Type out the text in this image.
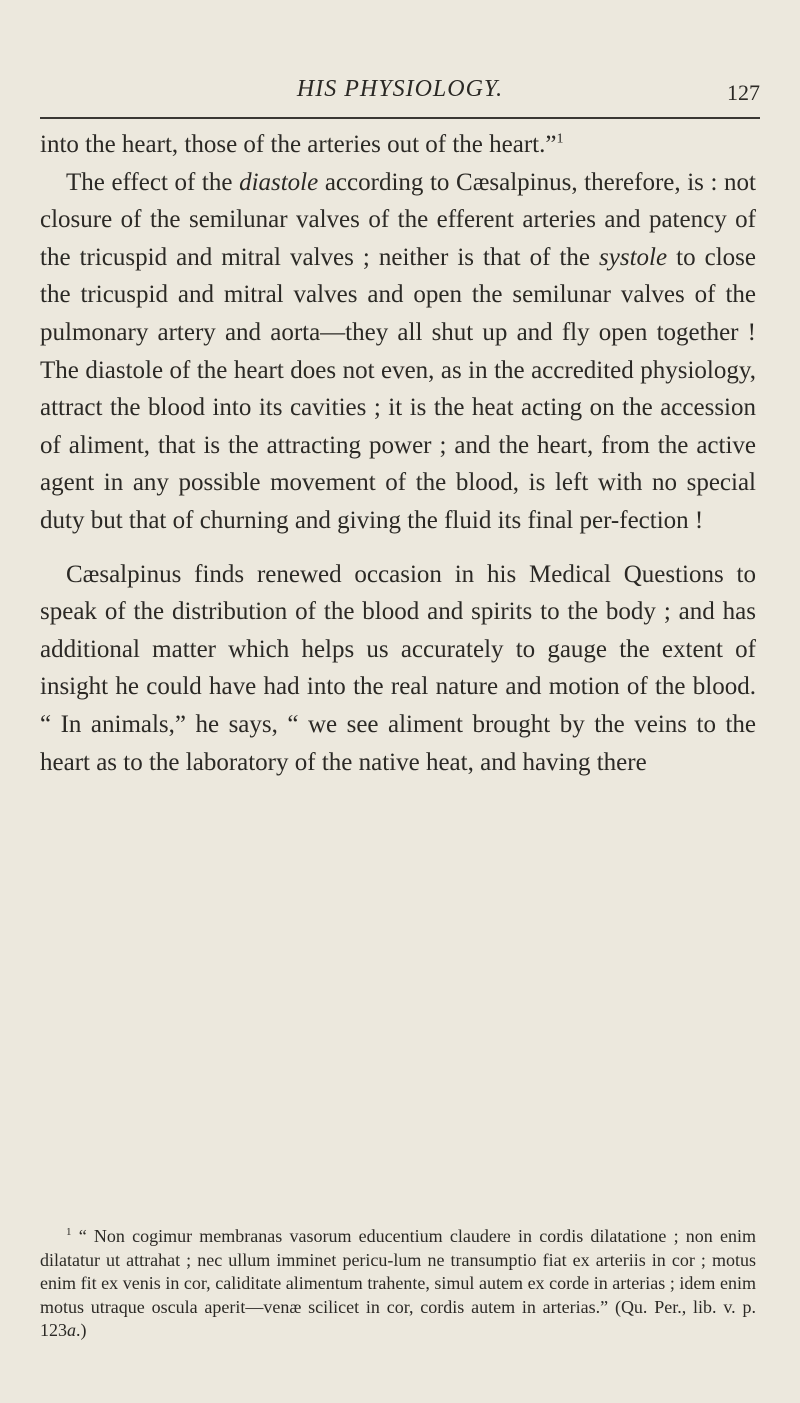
HIS PHYSIOLOGY.	127

into the heart, those of the arteries out of the heart.”$^1$

The effect of the diastole according to Cæsalpinus, therefore, is : not closure of the semilunar valves of the efferent arteries and patency of the tricuspid and mitral valves ; neither is that of the systole to close the tricuspid and mitral valves and open the semilunar valves of the pulmonary artery and aorta—they all shut up and fly open together ! The diastole of the heart does not even, as in the accredited physiology, attract the blood into its cavities ; it is the heat acting on the accession of aliment, that is the attracting power ; and the heart, from the active agent in any possible movement of the blood, is left with no special duty but that of churning and giving the fluid its final per-fection !

Cæsalpinus finds renewed occasion in his Medical Questions to speak of the distribution of the blood and spirits to the body ; and has additional matter which helps us accurately to gauge the extent of insight he could have had into the real nature and motion of the blood. “ In animals,” he says, “ we see aliment brought by the veins to the heart as to the laboratory of the native heat, and having there

$^1$ “ Non cogimur membranas vasorum educentium claudere in cordis dilatatione ; non enim dilatatur ut attrahat ; nec ullum imminet pericu-lum ne transumptio fiat ex arteriis in cor ; motus enim fit ex venis in cor, caliditate alimentum trahente, simul autem ex corde in arterias ; idem enim motus utraque oscula aperit—venæ scilicet in cor, cordis autem in arterias.” (Qu. Per., lib. v. p. 123a.)
